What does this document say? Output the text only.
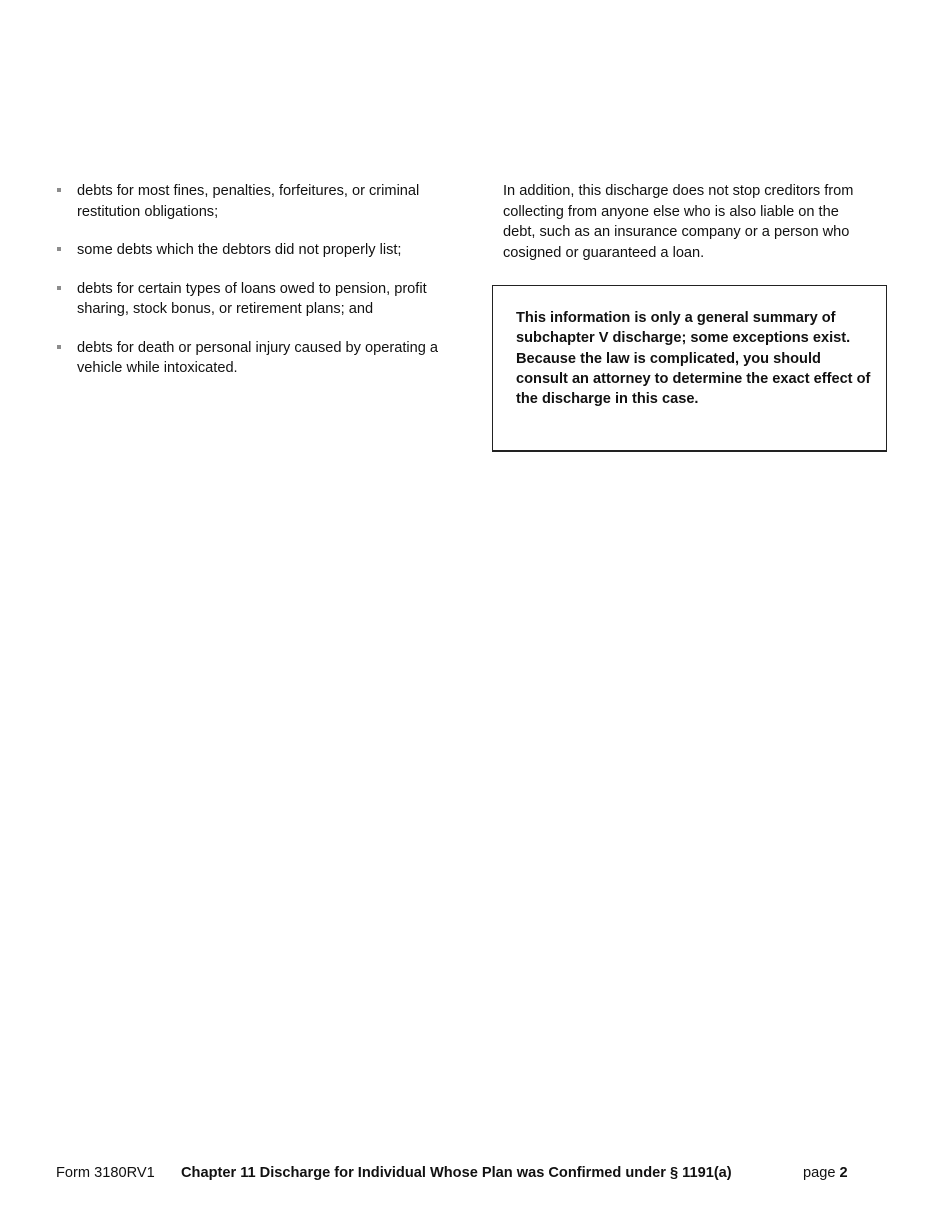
debts for most fines, penalties, forfeitures, or criminal restitution obligations;
some debts which the debtors did not properly list;
debts for certain types of loans owed to pension, profit sharing, stock bonus, or retirement plans; and
debts for death or personal injury caused by operating a vehicle while intoxicated.

In addition, this discharge does not stop creditors from collecting from anyone else who is also liable on the debt, such as an insurance company or a person who cosigned or guaranteed a loan.

This information is only a general summary of subchapter V discharge; some exceptions exist. Because the law is complicated, you should consult an attorney to determine the exact effect of the discharge in this case.

Form 3180RV1 Chapter 11 Discharge for Individual Whose Plan was Confirmed under § 1191(a)	page 2
